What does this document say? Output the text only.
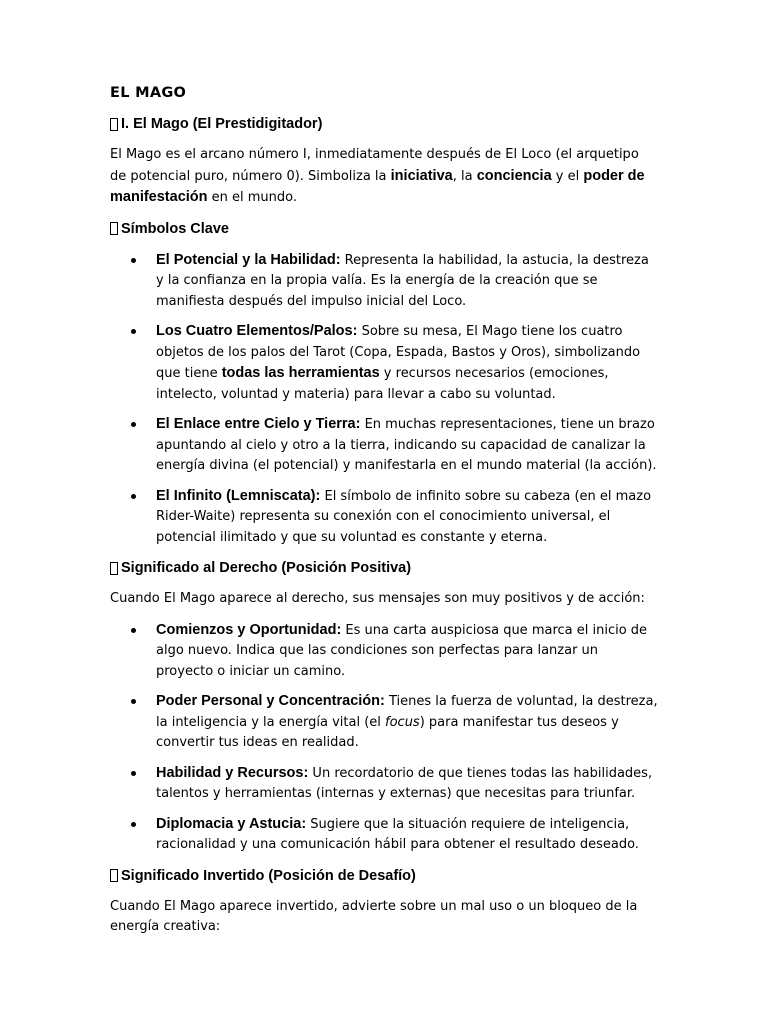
EL MAGO
I. El Mago (El Prestidigitador)

El Mago es el arcano número I, inmediatamente después de El Loco (el arquetipo de potencial puro, número 0). Simboliza la iniciativa, la conciencia y el poder de manifestación en el mundo.

Símbolos Clave
El Potencial y la Habilidad: Representa la habilidad, la astucia, la destreza y la confianza en la propia valía. Es la energía de la creación que se manifiesta después del impulso inicial del Loco.
Los Cuatro Elementos/Palos: Sobre su mesa, El Mago tiene los cuatro objetos de los palos del Tarot (Copa, Espada, Bastos y Oros), simbolizando que tiene todas las herramientas y recursos necesarios (emociones, intelecto, voluntad y materia) para llevar a cabo su voluntad.
El Enlace entre Cielo y Tierra: En muchas representaciones, tiene un brazo apuntando al cielo y otro a la tierra, indicando su capacidad de canalizar la energía divina (el potencial) y manifestarla en el mundo material (la acción).
El Infinito (Lemniscata): El símbolo de infinito sobre su cabeza (en el mazo Rider-Waite) representa su conexión con el conocimiento universal, el potencial ilimitado y que su voluntad es constante y eterna.
Significado al Derecho (Posición Positiva)

Cuando El Mago aparece al derecho, sus mensajes son muy positivos y de acción:

Comienzos y Oportunidad: Es una carta auspiciosa que marca el inicio de algo nuevo. Indica que las condiciones son perfectas para lanzar un proyecto o iniciar un camino.
Poder Personal y Concentración: Tienes la fuerza de voluntad, la destreza, la inteligencia y la energía vital (el focus) para manifestar tus deseos y convertir tus ideas en realidad.
Habilidad y Recursos: Un recordatorio de que tienes todas las habilidades, talentos y herramientas (internas y externas) que necesitas para triunfar.
Diplomacia y Astucia: Sugiere que la situación requiere de inteligencia, racionalidad y una comunicación hábil para obtener el resultado deseado.
Significado Invertido (Posición de Desafío)

Cuando El Mago aparece invertido, advierte sobre un mal uso o un bloqueo de la energía creativa:
